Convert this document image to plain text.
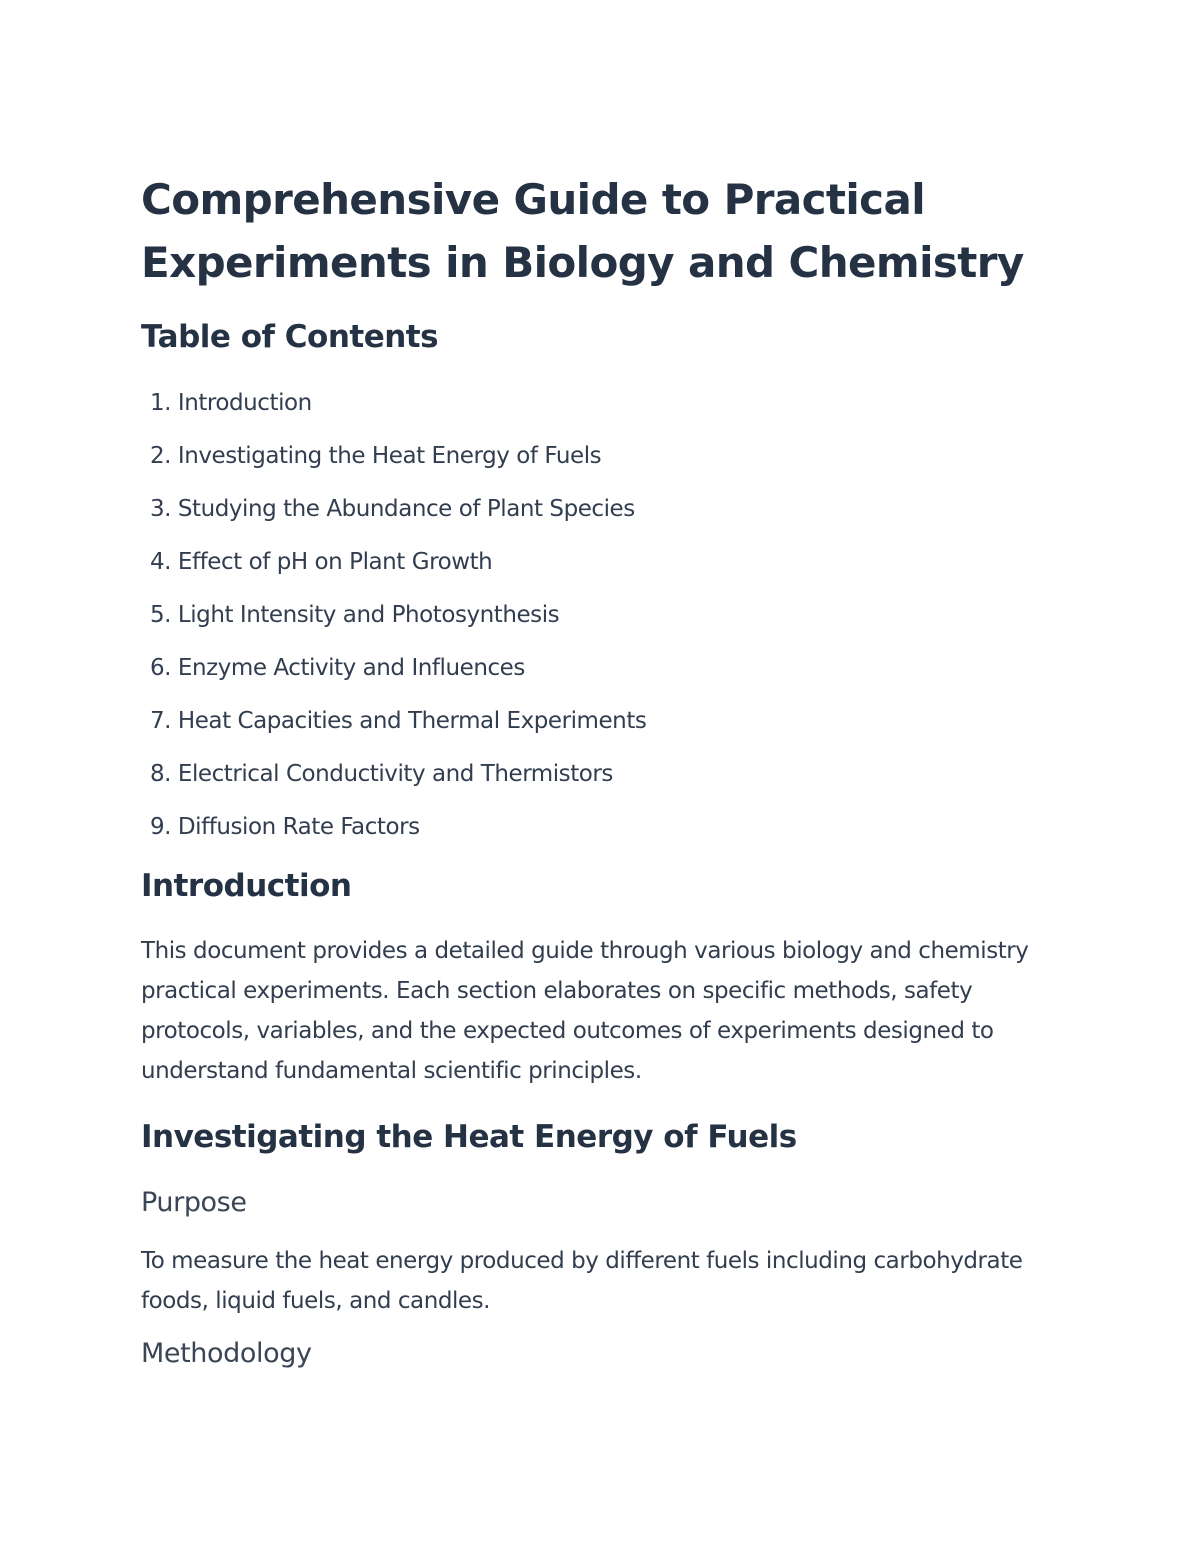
Comprehensive Guide to Practical Experiments in Biology and Chemistry
Table of Contents
1. Introduction
2. Investigating the Heat Energy of Fuels
3. Studying the Abundance of Plant Species
4. Effect of pH on Plant Growth
5. Light Intensity and Photosynthesis
6. Enzyme Activity and Influences
7. Heat Capacities and Thermal Experiments
8. Electrical Conductivity and Thermistors
9. Diffusion Rate Factors
Introduction

This document provides a detailed guide through various biology and chemistry practical experiments. Each section elaborates on specific methods, safety protocols, variables, and the expected outcomes of experiments designed to understand fundamental scientific principles.

Investigating the Heat Energy of Fuels
Purpose

To measure the heat energy produced by different fuels including carbohydrate foods, liquid fuels, and candles.

Methodology
